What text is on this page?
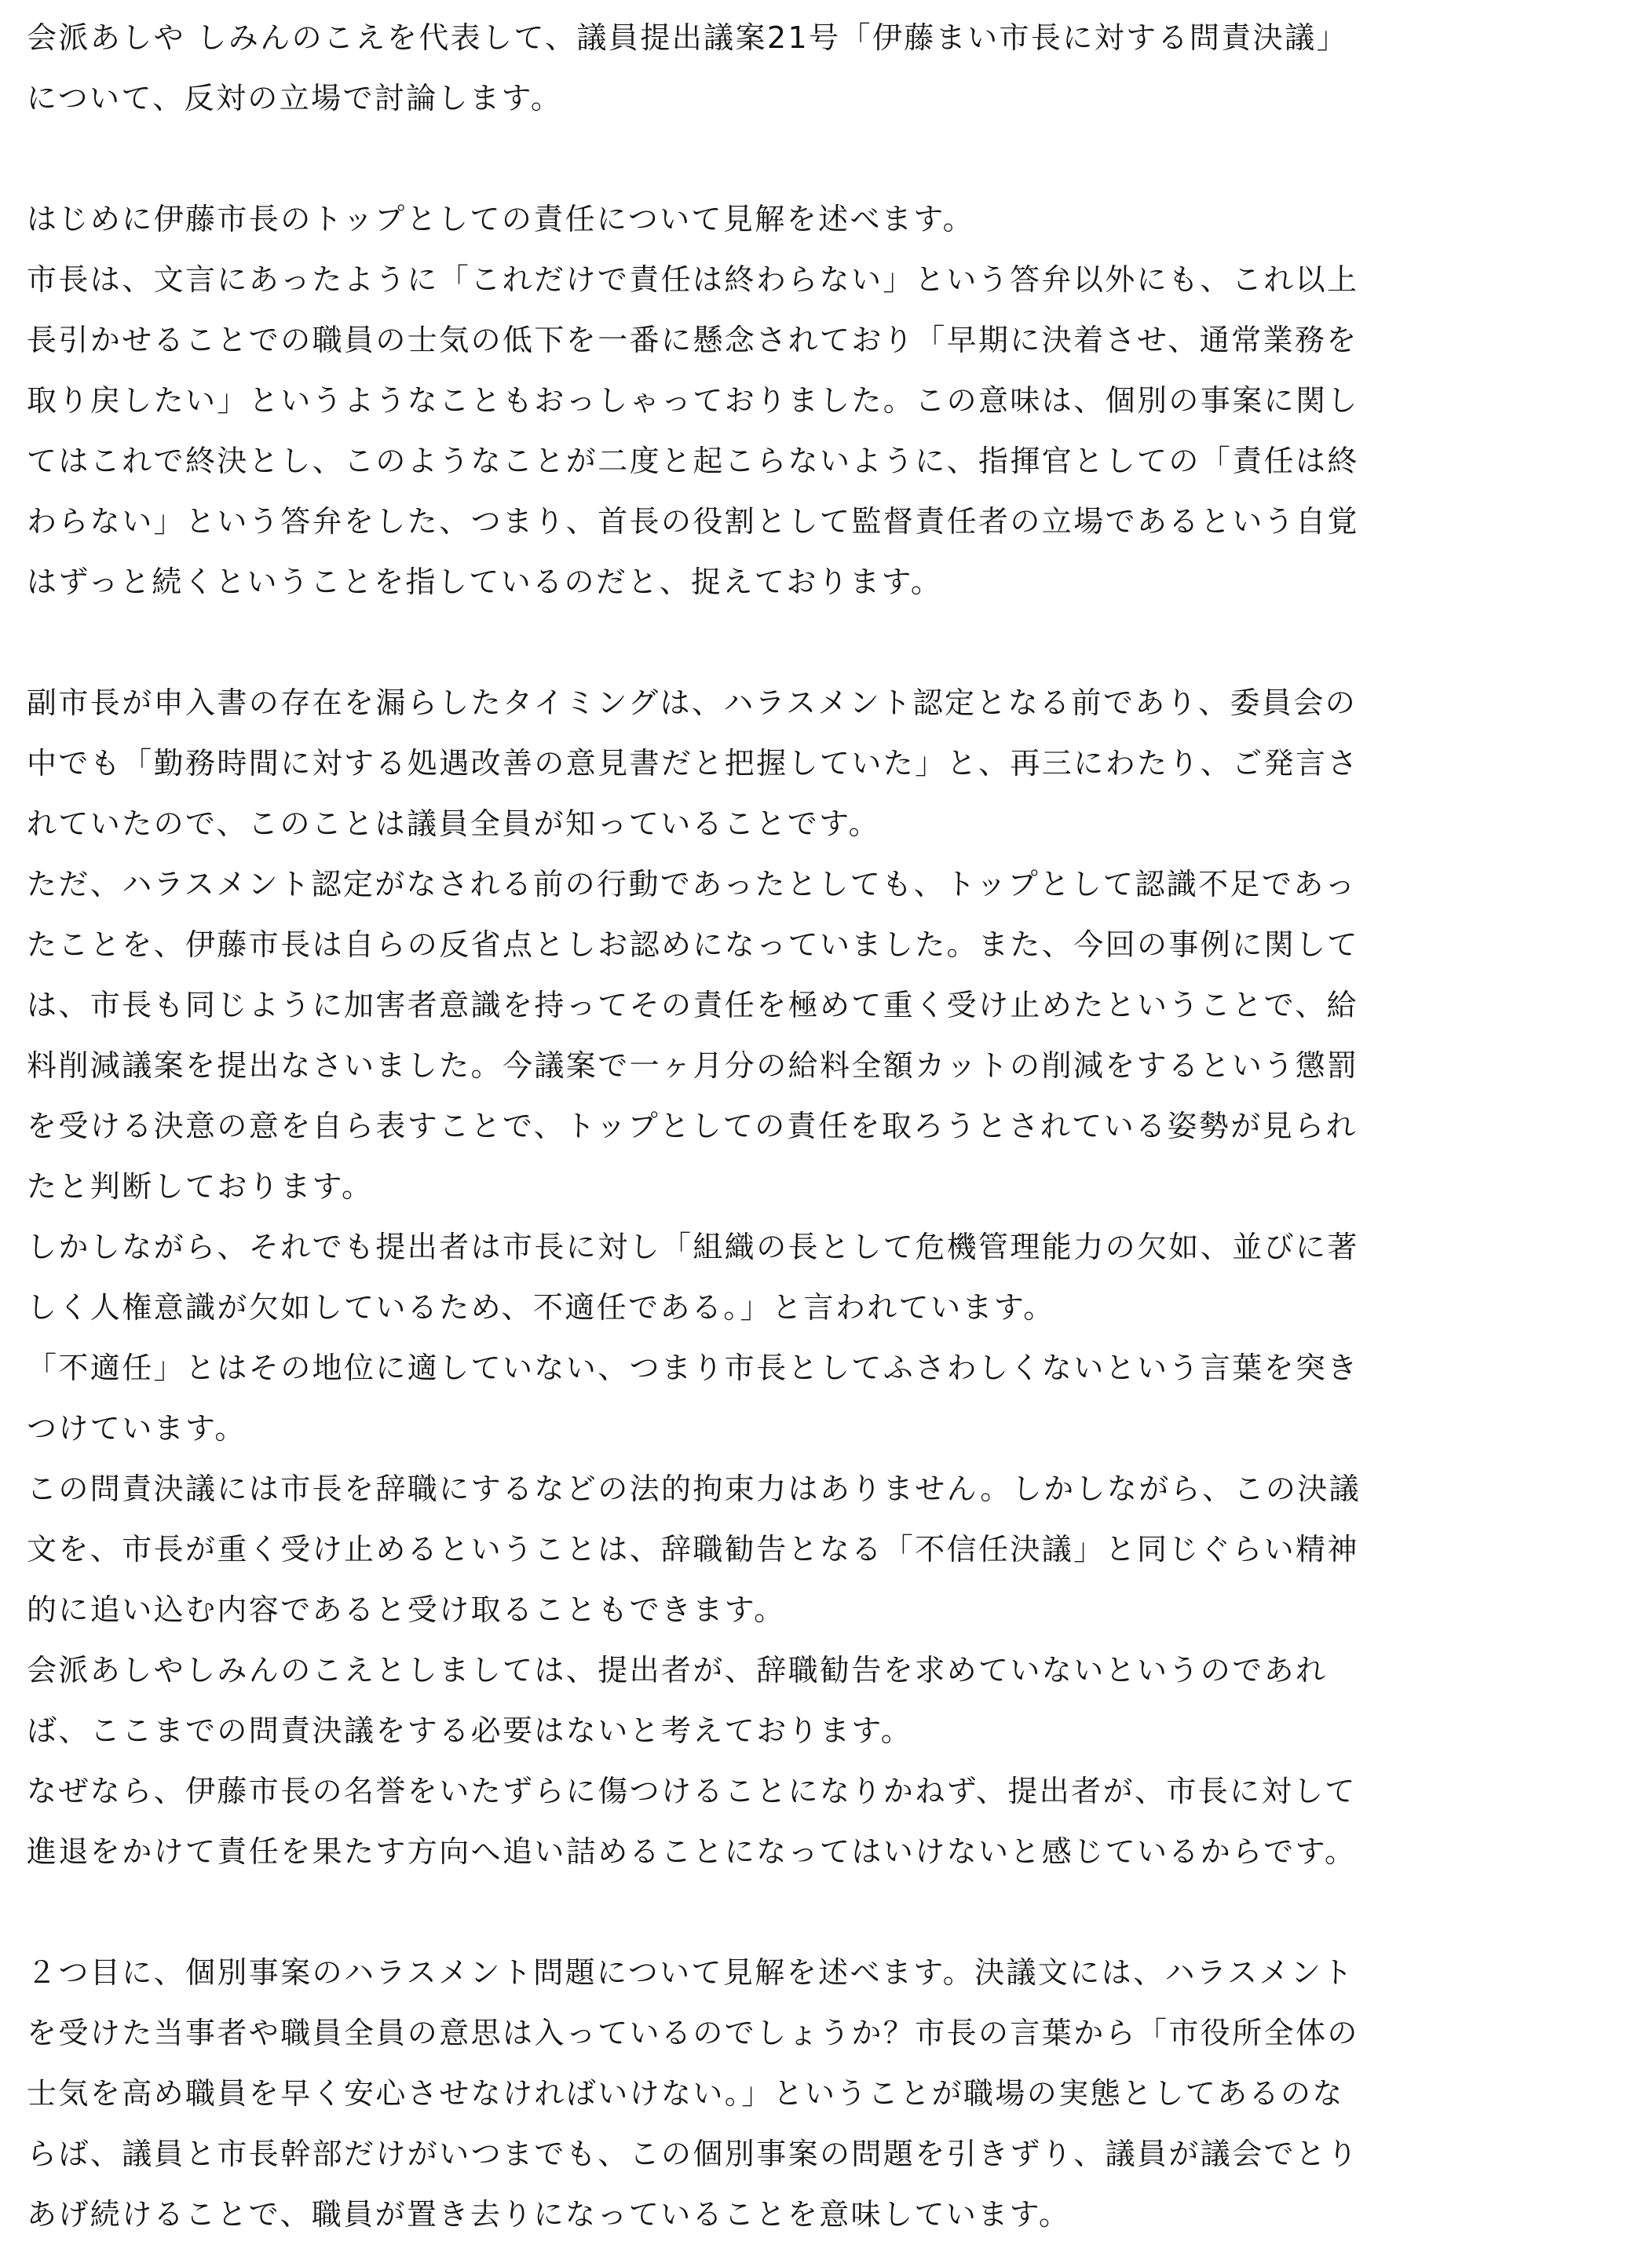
会派あしや しみんのこえを代表して、議員提出議案21号「伊藤まい市長に対する問責決議」
について、反対の立場で討論します。
はじめに伊藤市長のトップとしての責任について見解を述べます。
市長は、文言にあったように「これだけで責任は終わらない」という答弁以外にも、これ以上
長引かせることでの職員の士気の低下を一番に懸念されており「早期に決着させ、通常業務を
取り戻したい」というようなこともおっしゃっておりました。この意味は、個別の事案に関し
てはこれで終決とし、このようなことが二度と起こらないように、指揮官としての「責任は終
わらない」という答弁をした、つまり、首長の役割として監督責任者の立場であるという自覚
はずっと続くということを指しているのだと、捉えております。
副市長が申入書の存在を漏らしたタイミングは、ハラスメント認定となる前であり、委員会の
中でも「勤務時間に対する処遇改善の意見書だと把握していた」と、再三にわたり、ご発言さ
れていたので、このことは議員全員が知っていることです。
ただ、ハラスメント認定がなされる前の行動であったとしても、トップとして認識不足であっ
たことを、伊藤市長は自らの反省点としお認めになっていました。また、今回の事例に関して
は、市長も同じように加害者意識を持ってその責任を極めて重く受け止めたということで、給
料削減議案を提出なさいました。今議案で一ヶ月分の給料全額カットの削減をするという懲罰
を受ける決意の意を自ら表すことで、トップとしての責任を取ろうとされている姿勢が見られ
たと判断しております。
しかしながら、それでも提出者は市長に対し「組織の長として危機管理能力の欠如、並びに著
しく人権意識が欠如しているため、不適任である。」と言われています。
「不適任」とはその地位に適していない、つまり市長としてふさわしくないという言葉を突き
つけています。
この問責決議には市長を辞職にするなどの法的拘束力はありません。しかしながら、この決議
文を、市長が重く受け止めるということは、辞職勧告となる「不信任決議」と同じぐらい精神
的に追い込む内容であると受け取ることもできます。
会派あしやしみんのこえとしましては、提出者が、辞職勧告を求めていないというのであれ
ば、ここまでの問責決議をする必要はないと考えております。
なぜなら、伊藤市長の名誉をいたずらに傷つけることになりかねず、提出者が、市長に対して
進退をかけて責任を果たす方向へ追い詰めることになってはいけないと感じているからです。
２つ目に、個別事案のハラスメント問題について見解を述べます。決議文には、ハラスメント
を受けた当事者や職員全員の意思は入っているのでしょうか？市長の言葉から「市役所全体の
士気を高め職員を早く安心させなければいけない。」ということが職場の実態としてあるのな
らば、議員と市長幹部だけがいつまでも、この個別事案の問題を引きずり、議員が議会でとり
あげ続けることで、職員が置き去りになっていることを意味しています。
